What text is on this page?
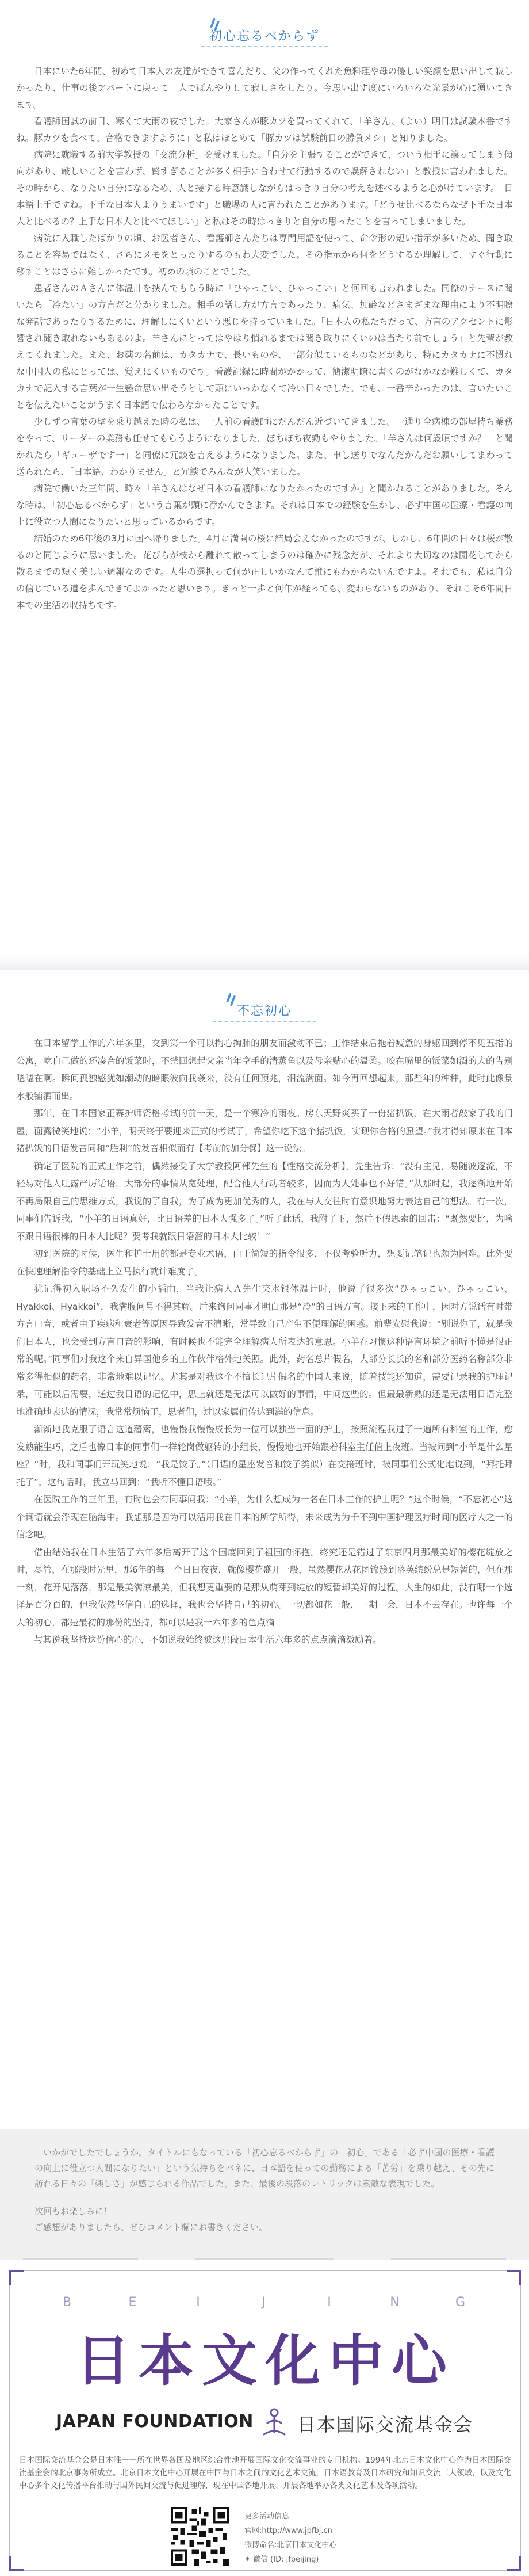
初心忘るべからず

日本にいた6年間、初めて日本人の友達ができて喜んだり、父の作ってくれた魚料理や母の優しい笑顔を思い出して寂しかったり、仕事の後アパートに戻って一人でぼんやりして寂しさをしたり。今思い出す度にいろいろな光景が心に湧いてきます。

看護師国試の前日、寒くて大雨の夜でした。大家さんが豚カツを買ってくれて、「羊さん、（よい）明日は試験本番ですね。豚カツを食べて、合格できますように」と私はほとめて「豚カツは試験前日の勝負メシ」と知りました。

病院に就職する前大学教授の「交流分析」を受けました。「自分を主張することができて、ついう相手に譲ってしまう傾向があり、厳しいことを言わず、賢すぎることが多く相手に合わせて行動するので誤解されない」と教授に言われました。その時から、なりたい自分になるため、人と接する時意識しながらはっきり自分の考えを述べるようと心がけています。「日本語上手ですね。下手な日本人よりうまいです」と職場の人に言われたことがあります。「どうせ比べるならなぜ下手な日本人と比べるの？上手な日本人と比べてほしい」と私はその時はっきりと自分の思ったことを言ってしまいました。

病院に入職したばかりの頃、お医者さん、看護師さんたちは専門用語を使って、命令形の短い指示が多いため、聞き取ることを容易ではなく、さらにメモをとったりするのもわ大変でした。その指示から何をどうするか理解して、すぐ行動に移すことはさらに難しかったです。初めの頃のことでした。

患者さんのＡさんに体温計を挟んでもらう時に「ひゃっこい、ひゃっこい」と何回も言われました。同僚のナースに聞いたら「冷たい」の方言だと分かりました。相手の話し方が方言であったり、病気、加齢などさまざまな理由により不明瞭な発話であったりするために、理解しにくいという悪じを持っていました。「日本人の私たちだって、方言のアクセントに影響され聞き取れないもあるのよ。羊さんにとってはやはり慣れるまでは聞き取りにくいのは当たり前でしょう」と先輩が教えてくれました。また、お薬の名前は、カタカナで、長いものや、一部分似ているものなどがあり、特にカタカナに不慣れな中国人の私にとっては、覚えにくいものです。看護記録に時間がかかって、簡潔明瞭に書くのがなかなか難しくて、カタカナで記入する言葉が一生懸命思い出そうとして頭にいっかなくて冷い日々でした。でも、一番辛かったのは、言いたいことを伝えたいことがうまく日本語で伝わらなかったことです。

少しずつ言葉の壁を乗り越えた時の私は、一人前の看護師にだんだん近づいてきました。一通り全病棟の部屋持ち業務をやって、リーダーの業務も任せてもらうようになりました。ぼちぼち夜勤もやりました。「羊さんは何歳頃ですか？」と聞かれたら「ギューザです一」と同僚に冗談を言えるようになりました。また、申し送りでなんだかんだお願いしてまわって送られたら、「日本語、わかりません」と冗談でみんなが大笑いました。

病院で働いた三年間、時々「羊さんはなぜ日本の看護師になりたかったのですか」と聞かれることがありました。そんな時は、「初心忘るべからず」という言葉が頭に浮かんできます。それは日本での経験を生かし、必ず中国の医療・看護の向上に役立つ人間になりたいと思っているからです。

結婚のため6年後の3月に国へ帰りました。4月に満開の桜に結局会えなかったのですが、しかし、6年間の日々は桜が散るのと同じように思いました。花びらが枝から離れて散ってしまうのは確かに残念だが、それより大切なのは開花してから散るまでの短く美しい週報なのです。人生の選択って何が正しいかなんて誰にもわからないんですよ。それでも、私は自分の信じている道を歩んできてよかったと思います。きっと一歩と何年が経っても、変わらないものがあり、それこそ6年間日本での生活の収持ちです。

不忘初心

在日本留学工作的六年多里，交到第一个可以掏心掏肺的朋友而激动不已；工作结束后拖着疲惫的身躯回到停不见五指的公寓，吃自己做的还凑合的饭菜时，不禁回想起父亲当年拿手的清蒸鱼以及母亲贴心的温柔。咬在嘴里的饭菜如酒的大的告别嗯嗯在啊。瞬间孤独感犹如潮动的暗眼波向我袭来，没有任何预兆，泪流满面。如今再回想起来，那些年的种种，此时此像景水般铺洒而出。

那年，在日本国家正赛护师资格考试的前一天，是一个寒冷的雨夜。房东天野爽买了一份猪扒饭，在大雨者敲家了我的门屋，面露微笑地说：“小羊，明天终于要迎来正式的考试了，希望你吃下这个猪扒饭，实现你合格的愿望。”我才得知原来在日本猪扒饭的日语发音同和“胜利”的发音相似而有【考前的加分餐】这一说法。

确定了医院的正式工作之前，偶然接受了大学教授阿部先生的【性格交流分析】，先生告诉：“没有主见，易随波逐流，不轻易对他人吐露严厉话语，大部分的事情从宽处理，配合他人行动者较多，因而为人处事也不好错。”从那时起，我逐渐地开始不再局限自己的思维方式，我说的了自我，为了成为更加优秀的人，我在与人交往时有意识地努力表达自己的想法。有一次，同事们告诉我，“小羊的日语真好，比日语差的日本人强多了。”听了此话，我附了下，然后不假思索的回击：“既然要比，为啥不跟日语很棒的日本人比呢？要考我就跟日语溜的日本人比较！”

初到医院的时候，医生和护士用的都是专业术语，由于简短的指令很多，不仅考验听力，想要记笔记也颇为困难。此外要在快速理解指令的基础上立马执行就计难度了。

犹记得初入职场不久发生的小插曲，当我让病人Ａ先生夹水银体温计时，他说了很多次“ひゃっこい、ひゃっこい、Hyakkoi、Hyakkoi”，我满腹问号不得其解。后来询问同事才明白那是“冷”的日语方言。接下来的工作中，因对方说话有时带方言口音，或者由于疾病和衰老等原因导致发音不清晰，常导致自己产生不便理解的困惑。前辈安慰我说：“别说你了，就是我们日本人，也会受到方言口音的影响，有时候也不能完全理解病人所表达的意思。小羊在习惯这种语言环境之前听不懂是很正常的呢。”同事们对我这个来自异国他乡的工作伙伴格外地关照。此外，药名总片假名，大部分长长的名和部分医药名称部分非常多得相似的药名，非常地难以记忆。尤其是对我这个不擅长记片假名的中国人来说，随着技能还知道，需要记录我的护理记录，可能以后需要，通过我日语的记忆中，思上就还是无法可以做好的事情，中间这些的。但最最新熟的还是无法用日语完整地准确地表达的情况，我常常烦恼于，思者们，过以家属们传达到满的信息。

渐渐地我克服了语言这道藩篱，也慢慢我慢慢成长为一位可以独当一面的护士，按照流程我过了一遍所有科室的工作，愈发熟能生巧，之后也像日本的同事们一样轮岗做躯转的小组长，慢慢地也开始跟着科室主任值上夜班。当被问到“小羊是什么星座？”时，我和同事们开玩笑地说：“我是饺子。”（日语的星座发音和饺子类似）在交接班时，被同事们公式化地说到，“拜托拜托了”，这句话时，我立马回到：“我听不懂日语哦。”

在医院工作的三年里，有时也会有同事问我：“小羊，为什么想成为一名在日本工作的护士呢？”这个时候，“不忘初心”这个词语就会浮现在脑海中。我想那是因为可以活用我在日本的所学所得，未来成为为千不到中国护理医疗时间的医疗人之一的信念吧。

借由结婚我在日本生活了六年多后离开了这个国度回到了祖国的怀抱。终究还是错过了东京四月那最美好的樱花绽放之时，尽管，在那段时光里，那6年的每一个日日夜夜，就像樱花盛开一般，虽然樱花从花团锦簇到落英缤纷总是短暂的，但在那一刻，花开见落落，那是最美满凉最美，但我想更重要的是那从萌芽到绽放的短暂却美好的过程。人生的如此，没有哪一个选择是百分百的，但我依然坚信自己的选择，我也会坚持自己的初心。一切都如花一般，一期一会，日本不去存在。也许每一个人的初心，都是最初的那份的坚持，都可以是我一六年多的色点滴

与其说我坚持这份信心的心，不如说我始终被这那段日本生活六年多的点点滴滴激励着。

いかがでしたでしょうか。タイトルにもなっている「初心忘るべからず」の「初心」である「必ず中国の医療・看護の向上に役立つ人間になりたい」という気持ちをバネに、日本語を使っての勤務による「苦労」を乗り越え、その先に訪れる日々の「楽しさ」が感じられる作品でした。また、最後の段落のレトリックは素敵な表現でした。

次回もお楽しみに！
ご感想がありましたら、ぜひコメント欄にお書きください。
B	E	I	J	I	N	G
日本文化中心
JAPAN FOUNDATION 日本国际交流基金会
日本国际交流基金会是日本唯一一所在世界各国及地区综合性地开展国际文化交流事业的专门机构。1994年北京日本文化中心作为日本国际交流基金会的北京事务所成立。北京日本文化中心开展在中国与日本之间的文化艺术交流，日本语教育及日本研究和知识交流三大领域，以及文化中心多个文化传播平台推动与国外民间交流与促进理解，现在中国各地开展、开展各地举办各类文化艺术及各项活动。
更多活动信息
官网:http://www.jpfbj.cn
微博命名:北京日本文化中心
✦ 微信 (ID: jfbeijing)
